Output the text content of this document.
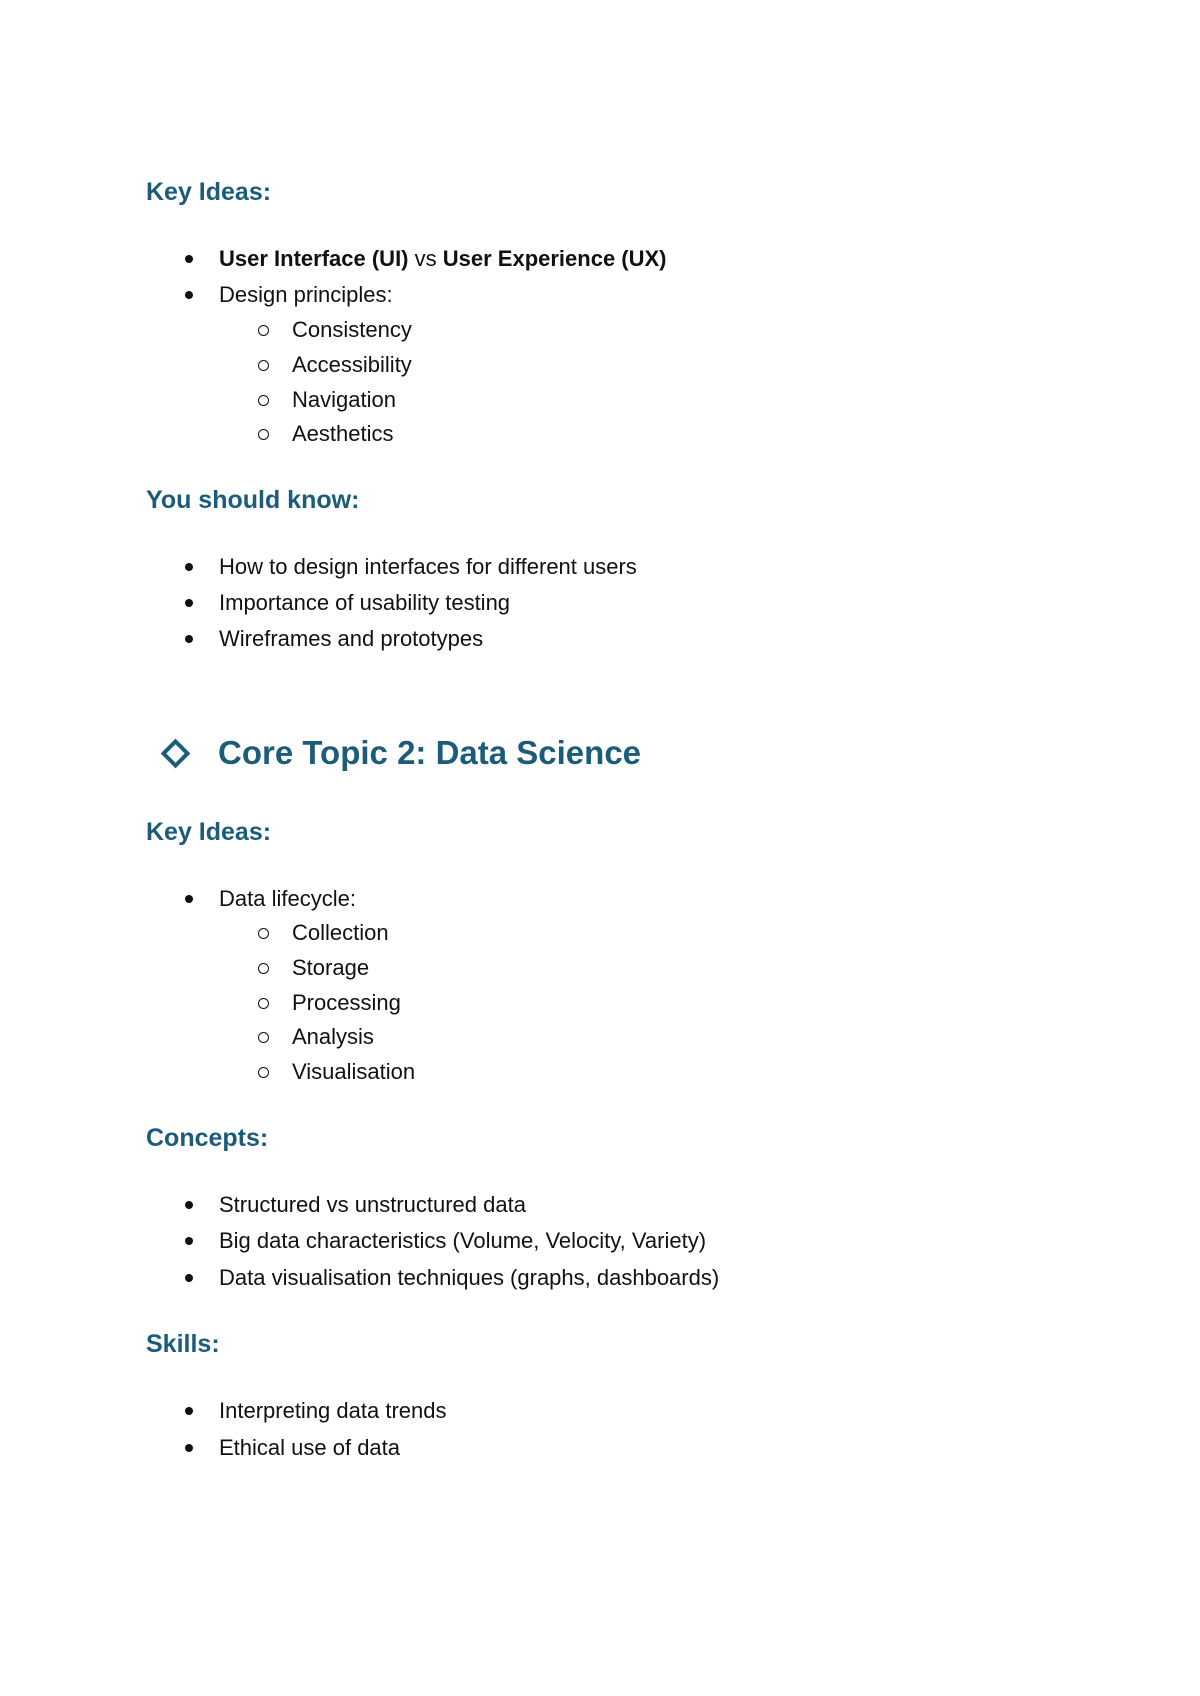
Key Ideas:
User Interface (UI) vs User Experience (UX)
Design principles:
Consistency
Accessibility
Navigation
Aesthetics
You should know:
How to design interfaces for different users
Importance of usability testing
Wireframes and prototypes
Core Topic 2: Data Science
Key Ideas:
Data lifecycle:
Collection
Storage
Processing
Analysis
Visualisation
Concepts:
Structured vs unstructured data
Big data characteristics (Volume, Velocity, Variety)
Data visualisation techniques (graphs, dashboards)
Skills:
Interpreting data trends
Ethical use of data
